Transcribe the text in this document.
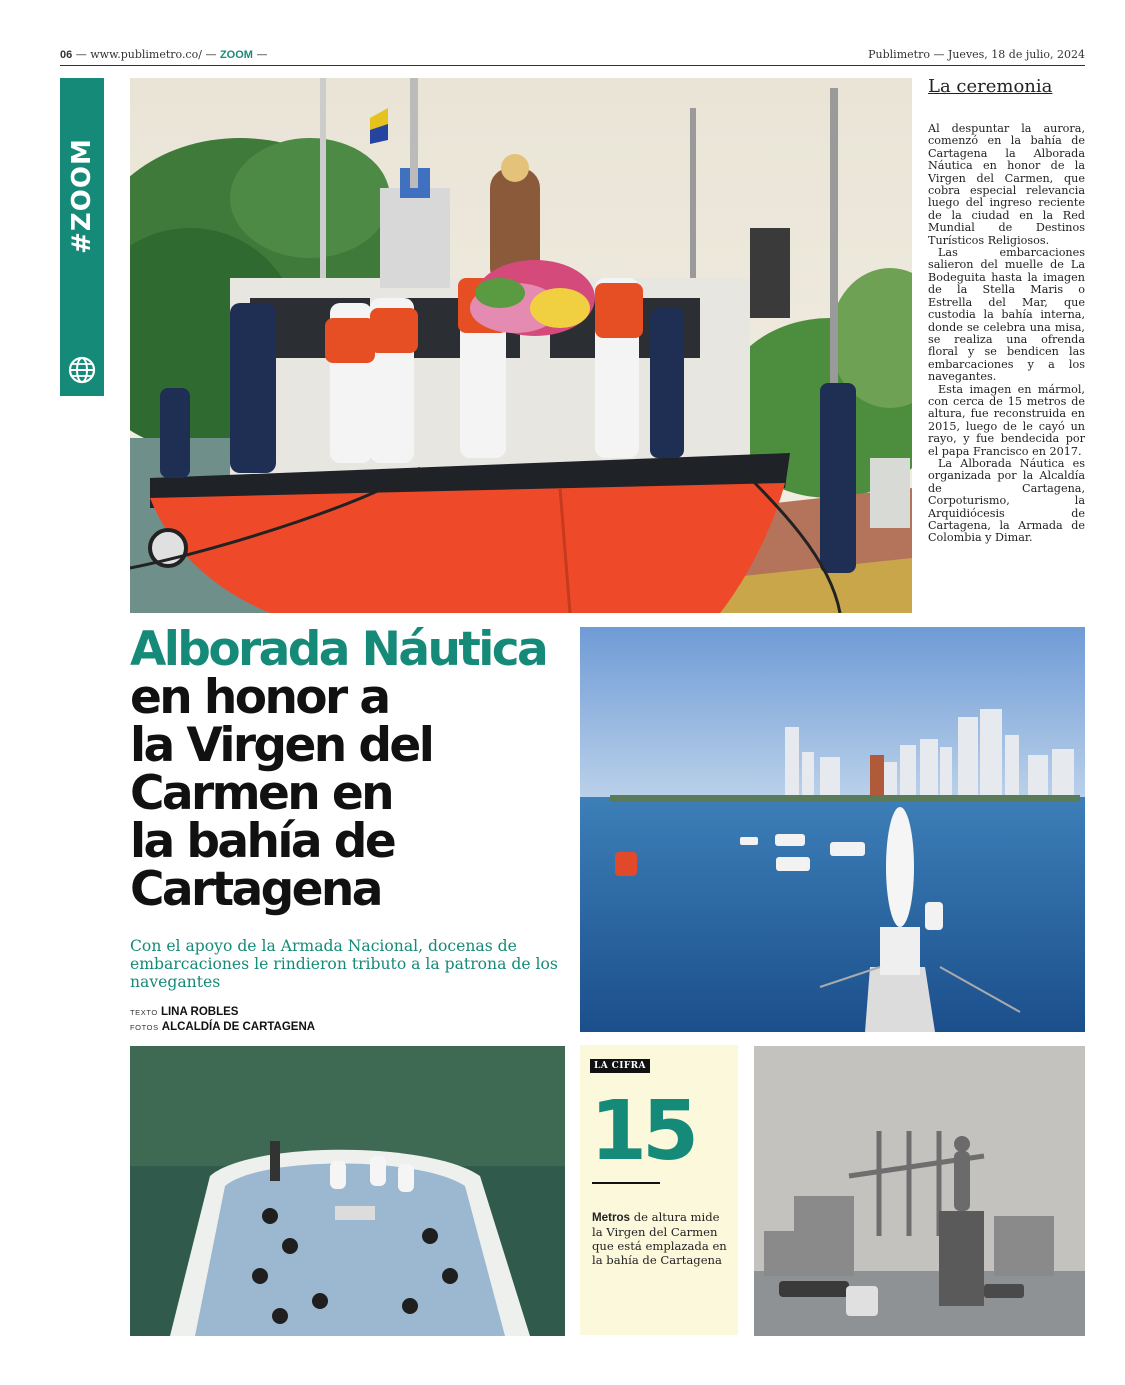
06 — www.publimetro.co/ — ZOOM —	Publimetro — Jueves, 18 de julio, 2024
#ZOOM
La ceremonia

Al despuntar la aurora, comenzó en la bahía de Cartagena la Alborada Náutica en honor de la Virgen del Carmen, que cobra especial relevancia luego del ingreso reciente de la ciudad en la Red Mundial de Destinos Turísticos Religiosos.

Las embarcaciones salieron del muelle de La Bodeguita hasta la imagen de la Stella Maris o Estrella del Mar, que custodia la bahía interna, donde se celebra una misa, se realiza una ofrenda floral y se bendicen las embarcaciones y a los navegantes.

Esta imagen en mármol, con cerca de 15 metros de altura, fue reconstruida en 2015, luego de le cayó un rayo, y fue bendecida por el papa Francisco en 2017.

La Alborada Náutica es organizada por la Alcaldía de Cartagena, Corpoturismo, la Arquidiócesis de Cartagena, la Armada de Colombia y Dimar.

Alborada Náutica
en honor a
la Virgen del
Carmen en
la bahía de
Cartagena
Con el apoyo de la Armada Nacional, docenas de embarcaciones le rindieron tributo a la patrona de los navegantes
TEXTO LINA ROBLES
FOTOS ALCALDÍA DE CARTAGENA
LA CIFRA
15
Metros de altura mide la Virgen del Carmen que está emplazada en la bahía de Cartagena
